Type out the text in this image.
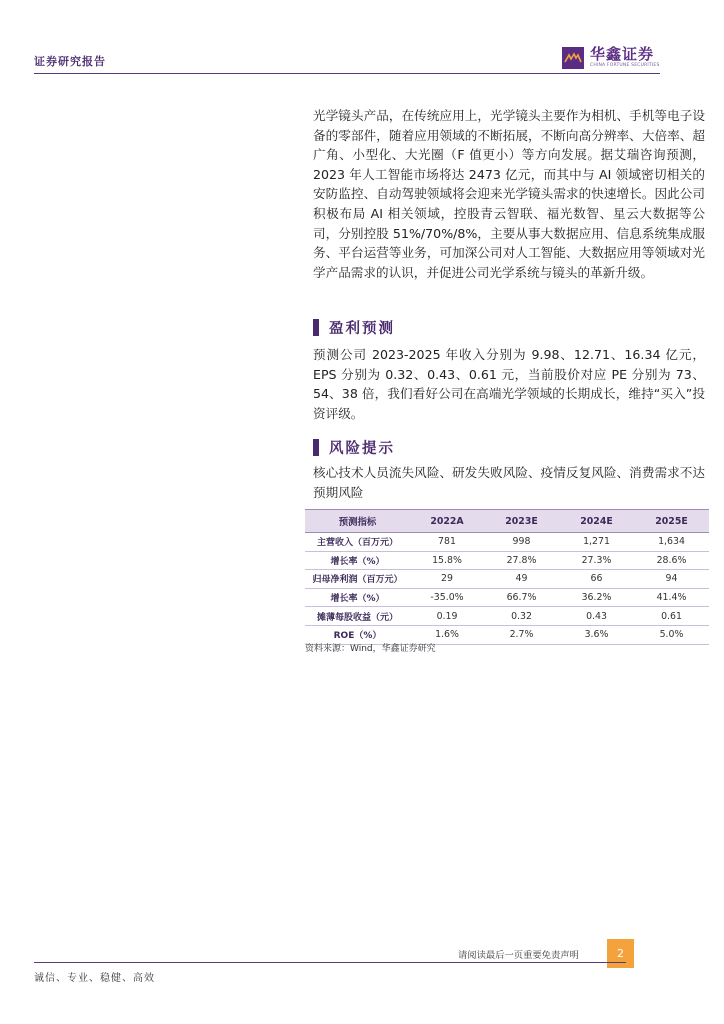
证券研究报告	华鑫证券
CHINA FORTUNE SECURITIES

光学镜头产品，在传统应用上，光学镜头主要作为相机、手机等电子设备的零部件，随着应用领域的不断拓展，不断向高分辨率、大倍率、超广角、小型化、大光圈（F 值更小）等方向发展。据艾瑞咨询预测，2023 年人工智能市场将达 2473 亿元，而其中与 AI 领域密切相关的安防监控、自动驾驶领域将会迎来光学镜头需求的快速增长。因此公司积极布局 AI 相关领域，控股青云智联、福光数智、星云大数据等公司，分别控股 51%/70%/8%，主要从事大数据应用、信息系统集成服务、平台运营等业务，可加深公司对人工智能、大数据应用等领域对光学产品需求的认识，并促进公司光学系统与镜头的革新升级。

盈利预测

预测公司 2023-2025 年收入分别为 9.98、12.71、16.34 亿元，EPS 分别为 0.32、0.43、0.61 元，当前股价对应 PE 分别为 73、54、38 倍，我们看好公司在高端光学领域的长期成长，维持“买入”投资评级。

风险提示

核心技术人员流失风险、研发失败风险、疫情反复风险、消费需求不达预期风险

预测指标	2022A	2023E	2024E	2025E
主营收入（百万元）	781	998	1,271	1,634
增长率（%）	15.8%	27.8%	27.3%	28.6%
归母净利润（百万元）	29	49	66	94
增长率（%）	-35.0%	66.7%	36.2%	41.4%
摊薄每股收益（元）	0.19	0.32	0.43	0.61
ROE（%）	1.6%	2.7%	3.6%	5.0%
资料来源：Wind，华鑫证券研究
请阅读最后一页重要免责声明	2
诚信、专业、稳健、高效
